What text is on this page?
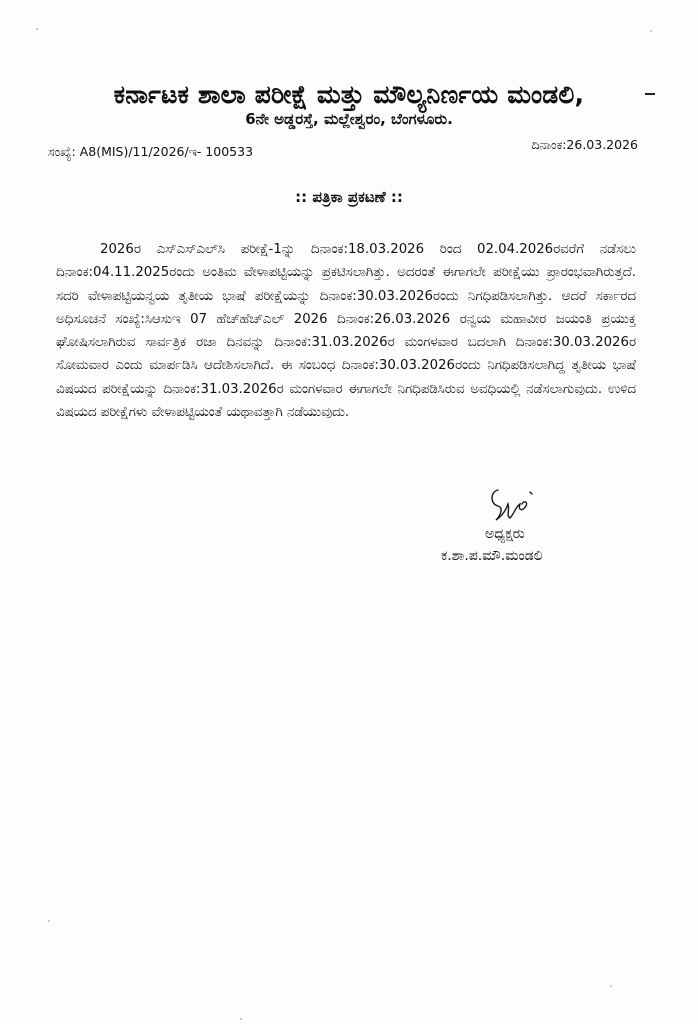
ಕರ್ನಾಟಕ ಶಾಲಾ ಪರೀಕ್ಷೆ ಮತ್ತು ಮೌಲ್ಯನಿರ್ಣಯ ಮಂಡಲಿ,
6ನೇ ಅಡ್ಡರಸ್ತೆ, ಮಲ್ಲೇಶ್ವರಂ, ಬೆಂಗಳೂರು.
ಸಂಖ್ಯೆ: A8(MIS)/11/2026/ಇ- 100533	ದಿನಾಂಕ:26.03.2026
:: ಪತ್ರಿಕಾ ಪ್ರಕಟಣೆ ::
2026ರ ಎಸ್‌ಎಸ್‌ಎಲ್‌ಸಿ ಪರೀಕ್ಷೆ-1ನ್ನು ದಿನಾಂಕ:18.03.2026 ರಿಂದ 02.04.2026ರವರೆಗೆ ನಡೆಸಲು ದಿನಾಂಕ:04.11.2025ರಂದು ಅಂತಿಮ ವೇಳಾಪಟ್ಟಿಯನ್ನು ಪ್ರಕಟಿಸಲಾಗಿತ್ತು. ಅದರಂತೆ ಈಗಾಗಲೇ ಪರೀಕ್ಷೆಯು ಪ್ರಾರಂಭವಾಗಿರುತ್ತದೆ. ಸದರಿ ವೇಳಾಪಟ್ಟಿಯನ್ವಯ ತೃತೀಯ ಭಾಷೆ ಪರೀಕ್ಷೆಯನ್ನು ದಿನಾಂಕ:30.03.2026ರಂದು ನಿಗಧಿಪಡಿಸಲಾಗಿತ್ತು. ಆದರೆ ಸರ್ಕಾರದ ಅಧಿಸೂಚನೆ ಸಂಖ್ಯೆ:ಸಿಆಸುಇ 07 ಹೆಚ್‌ಹೆಚ್‌ಎಲ್ 2026 ದಿನಾಂಕ:26.03.2026 ರನ್ವಯ ಮಹಾವೀರ ಜಯಂತಿ ಪ್ರಯುಕ್ತ ಘೋಷಿಸಲಾಗಿರುವ ಸಾರ್ವತ್ರಿಕ ರಜಾ ದಿನವನ್ನು ದಿನಾಂಕ:31.03.2026ರ ಮಂಗಳವಾರ ಬದಲಾಗಿ ದಿನಾಂಕ:30.03.2026ರ ಸೋಮವಾರ ಎಂದು ಮಾರ್ಪಡಿಸಿ ಆದೇಶಿಸಲಾಗಿದೆ. ಈ ಸಂಬಂಧ ದಿನಾಂಕ:30.03.2026ರಂದು ನಿಗಧಿಪಡಿಸಲಾಗಿದ್ದ ತೃತೀಯ ಭಾಷೆ ವಿಷಯದ ಪರೀಕ್ಷೆಯನ್ನು ದಿನಾಂಕ:31.03.2026ರ ಮಂಗಳವಾರ ಈಗಾಗಲೇ ನಿಗಧಿಪಡಿಸಿರುವ ಅವಧಿಯಲ್ಲಿ ನಡೆಸಲಾಗುವುದು. ಉಳಿದ ವಿಷಯದ ಪರೀಕ್ಷೆಗಳು ವೇಳಾಪಟ್ಟಿಯಂತೆ ಯಥಾವತ್ತಾಗಿ ನಡೆಯುವುದು.
ಅಧ್ಯಕ್ಷರು
ಕ.ಶಾ.ಪ.ಮೌ.ಮಂಡಲಿ
